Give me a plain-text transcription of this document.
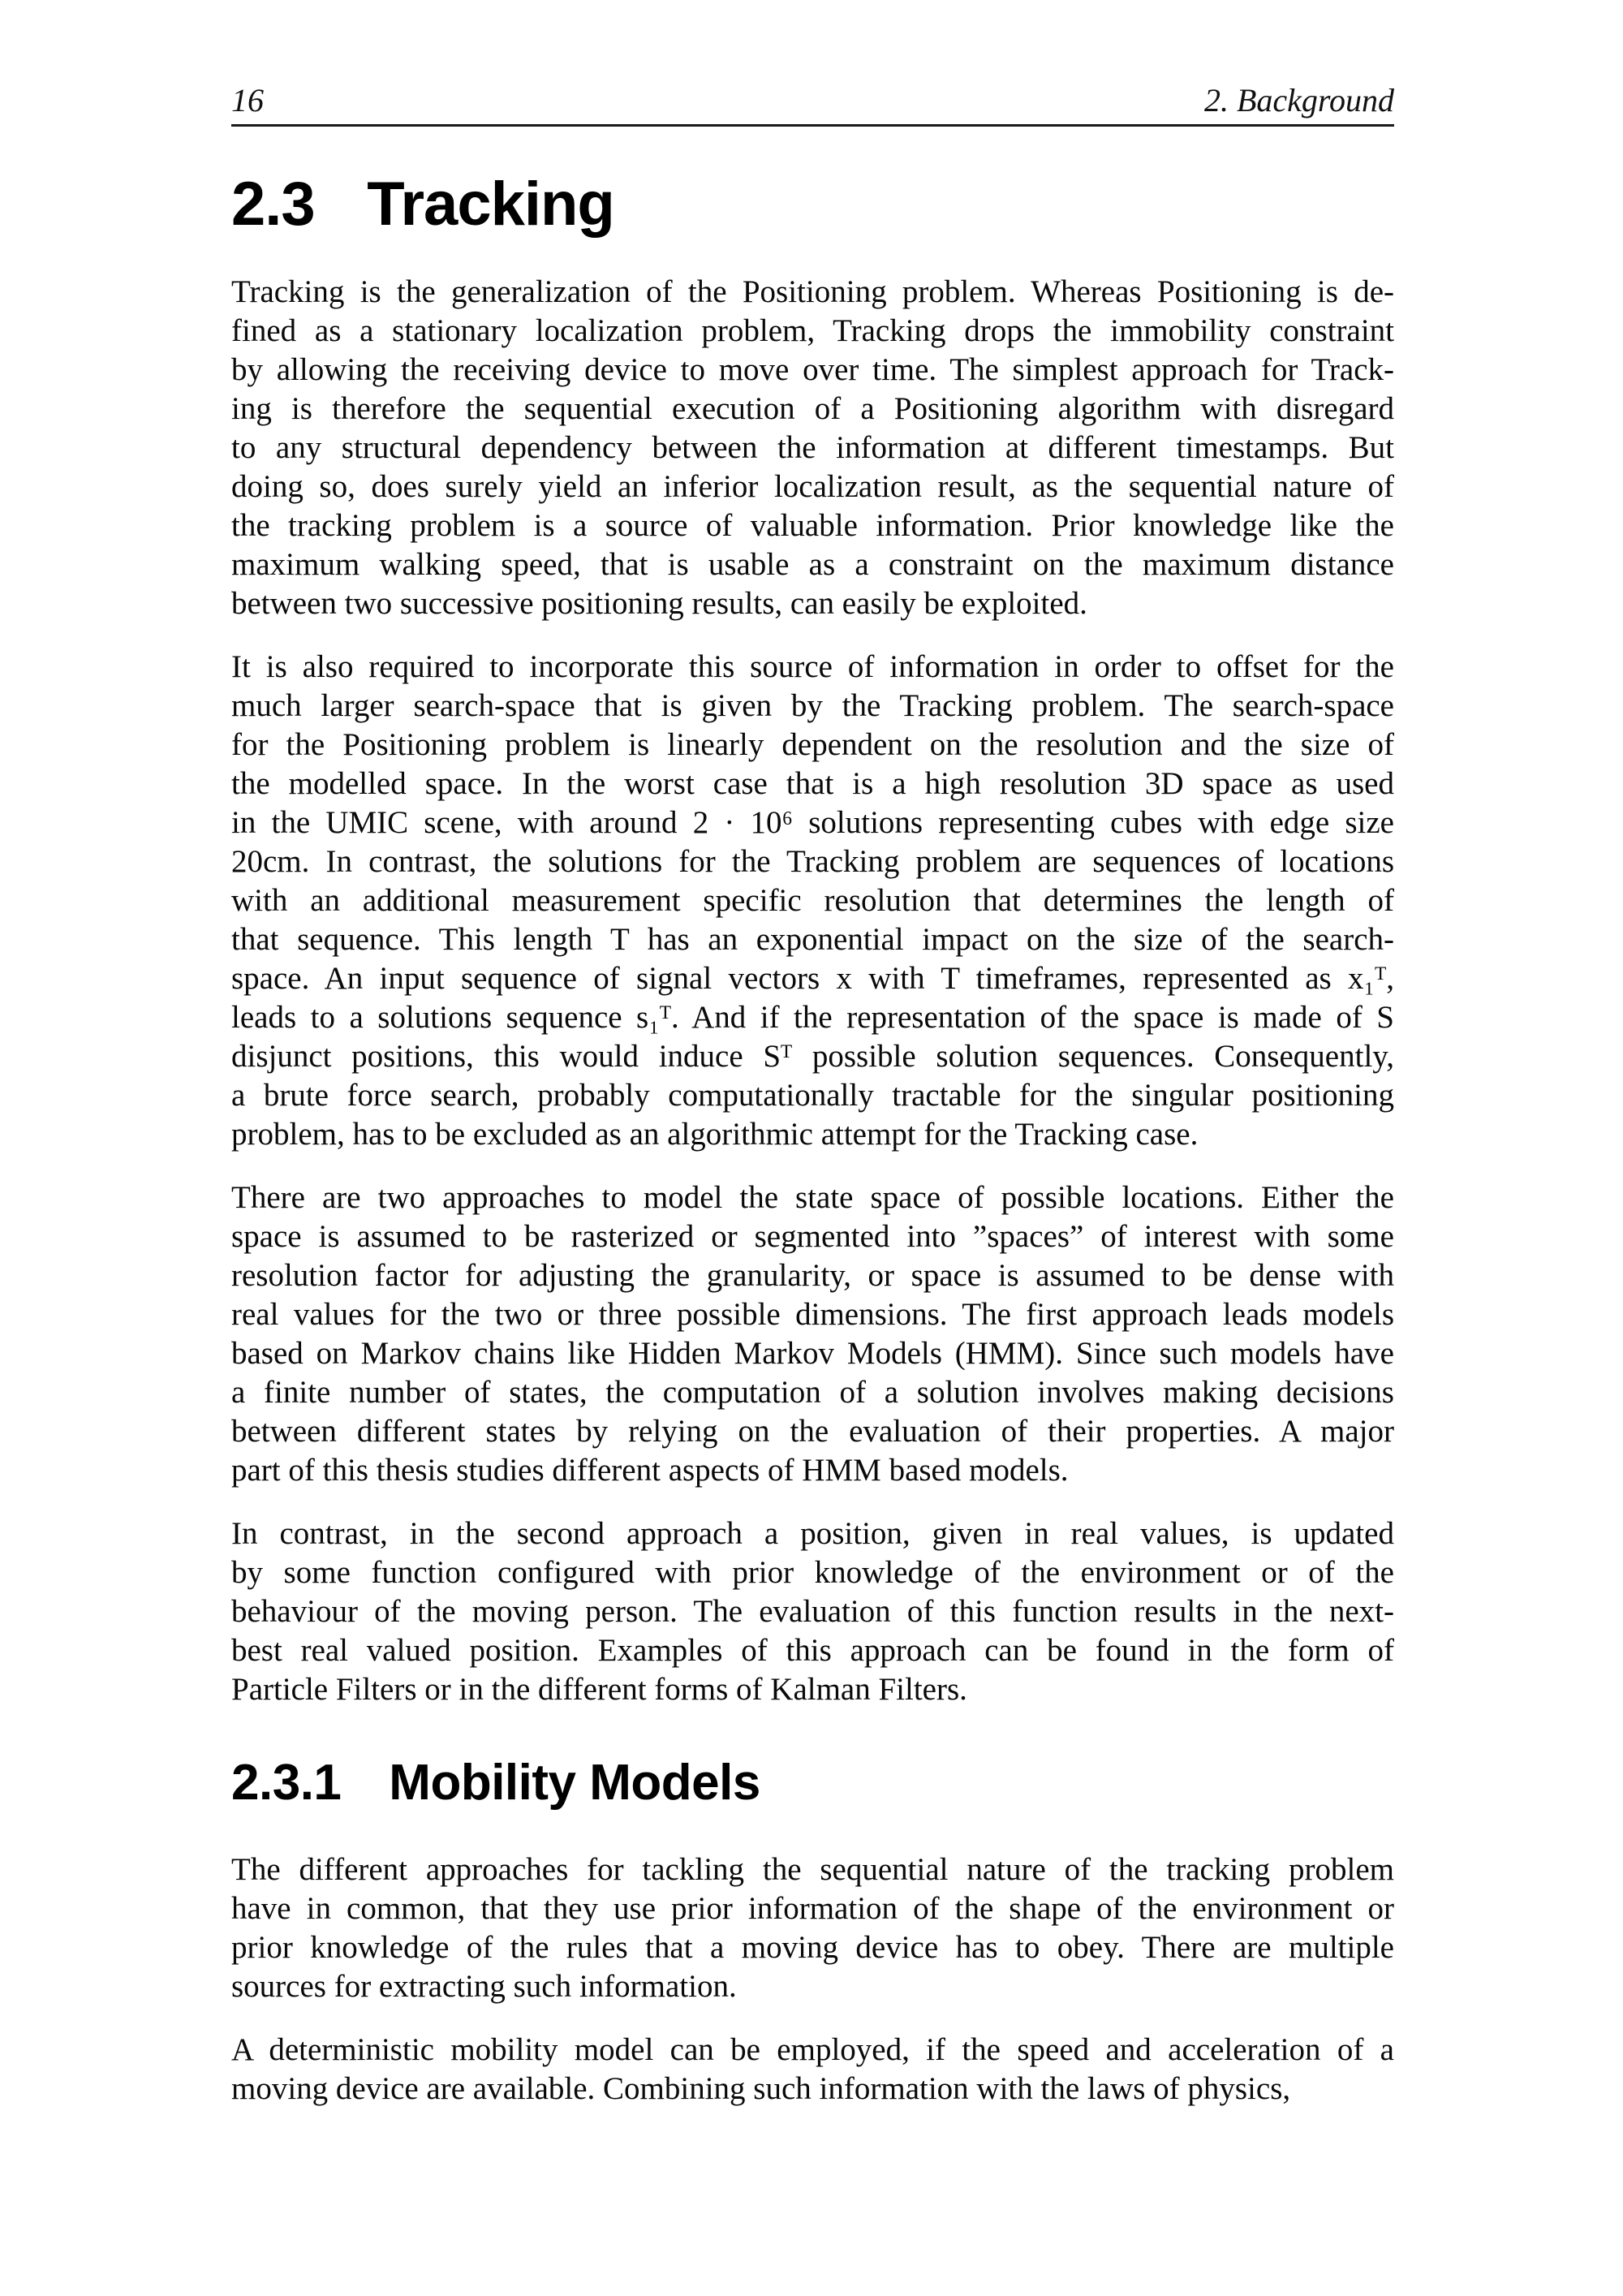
16	2. Background
2.3 Tracking
Tracking is the generalization of the Positioning problem. Whereas Positioning is de-
fined as a stationary localization problem, Tracking drops the immobility constraint
by allowing the receiving device to move over time. The simplest approach for Track-
ing is therefore the sequential execution of a Positioning algorithm with disregard
to any structural dependency between the information at different timestamps. But
doing so, does surely yield an inferior localization result, as the sequential nature of
the tracking problem is a source of valuable information. Prior knowledge like the
maximum walking speed, that is usable as a constraint on the maximum distance
between two successive positioning results, can easily be exploited.
It is also required to incorporate this source of information in order to offset for the
much larger search-space that is given by the Tracking problem. The search-space
for the Positioning problem is linearly dependent on the resolution and the size of
the modelled space. In the worst case that is a high resolution 3D space as used
in the UMIC scene, with around 2 · 10⁶ solutions representing cubes with edge size
20cm. In contrast, the solutions for the Tracking problem are sequences of locations
with an additional measurement specific resolution that determines the length of
that sequence. This length T has an exponential impact on the size of the search-
space. An input sequence of signal vectors x with T timeframes, represented as x₁ᵀ,
leads to a solutions sequence s₁ᵀ. And if the representation of the space is made of S
disjunct positions, this would induce Sᵀ possible solution sequences. Consequently,
a brute force search, probably computationally tractable for the singular positioning
problem, has to be excluded as an algorithmic attempt for the Tracking case.
There are two approaches to model the state space of possible locations. Either the
space is assumed to be rasterized or segmented into ”spaces” of interest with some
resolution factor for adjusting the granularity, or space is assumed to be dense with
real values for the two or three possible dimensions. The first approach leads models
based on Markov chains like Hidden Markov Models (HMM). Since such models have
a finite number of states, the computation of a solution involves making decisions
between different states by relying on the evaluation of their properties. A major
part of this thesis studies different aspects of HMM based models.
In contrast, in the second approach a position, given in real values, is updated
by some function configured with prior knowledge of the environment or of the
behaviour of the moving person. The evaluation of this function results in the next-
best real valued position. Examples of this approach can be found in the form of
Particle Filters or in the different forms of Kalman Filters.
2.3.1 Mobility Models
The different approaches for tackling the sequential nature of the tracking problem
have in common, that they use prior information of the shape of the environment or
prior knowledge of the rules that a moving device has to obey. There are multiple
sources for extracting such information.
A deterministic mobility model can be employed, if the speed and acceleration of a
moving device are available. Combining such information with the laws of physics,
